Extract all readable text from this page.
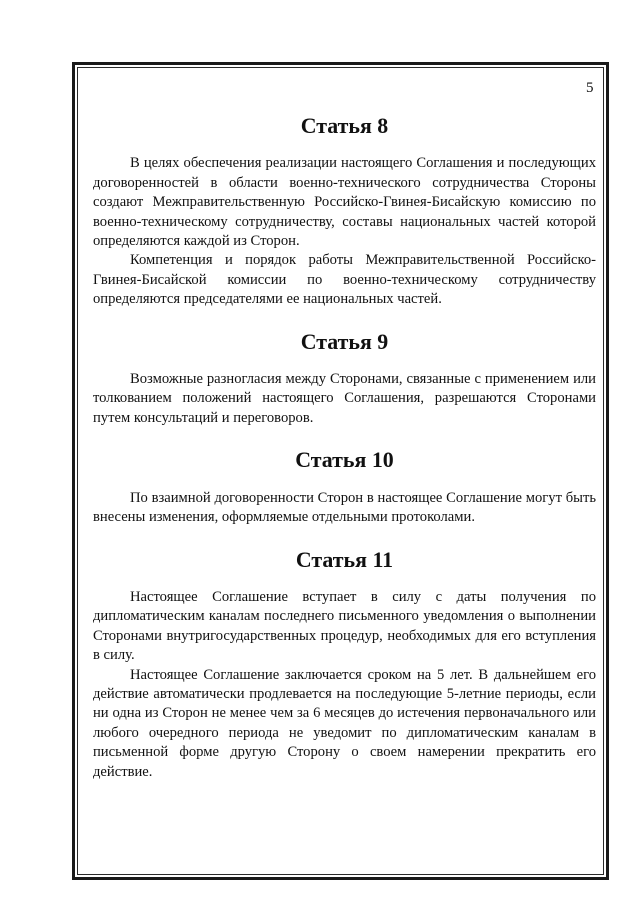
5
Статья 8

В целях обеспечения реализации настоящего Соглашения и последующих договоренностей в области военно-технического сотрудничества Стороны создают Межправительственную Российско-Гвинея-Бисайскую комиссию по военно-техническому сотрудничеству, составы национальных частей которой определяются каждой из Сторон.

Компетенция и порядок работы Межправительственной Российско-Гвинея-Бисайской комиссии по военно-техническому сотрудничеству определяются председателями ее национальных частей.

Статья 9

Возможные разногласия между Сторонами, связанные с применением или толкованием положений настоящего Соглашения, разрешаются Сторонами путем консультаций и переговоров.

Статья 10

По взаимной договоренности Сторон в настоящее Соглашение могут быть внесены изменения, оформляемые отдельными протоколами.

Статья 11

Настоящее Соглашение вступает в силу с даты получения по дипломатическим каналам последнего письменного уведомления о выполнении Сторонами внутригосударственных процедур, необходимых для его вступления в силу.

Настоящее Соглашение заключается сроком на 5 лет. В дальнейшем его действие автоматически продлевается на последующие 5-летние периоды, если ни одна из Сторон не менее чем за 6 месяцев до истечения первоначального или любого очередного периода не уведомит по дипломатическим каналам в письменной форме другую Сторону о своем намерении прекратить его действие.
